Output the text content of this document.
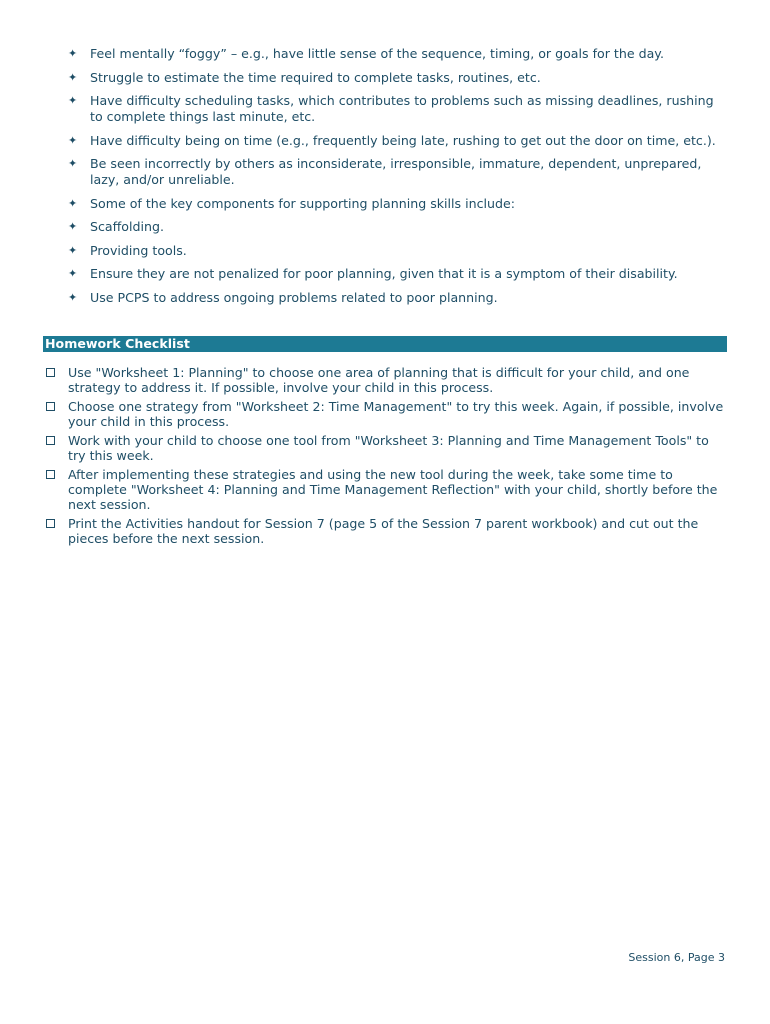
✦ Feel mentally “foggy” – e.g., have little sense of the sequence, timing, or goals for the day.
✦ Struggle to estimate the time required to complete tasks, routines, etc.
✦ Have difficulty scheduling tasks, which contributes to problems such as missing deadlines, rushing to complete things last minute, etc.
✦ Have difficulty being on time (e.g., frequently being late, rushing to get out the door on time, etc.).
✦ Be seen incorrectly by others as inconsiderate, irresponsible, immature, dependent, unprepared, lazy, and/or unreliable.
✦ Some of the key components for supporting planning skills include:
✦ Scaffolding.
✦ Providing tools.
✦ Ensure they are not penalized for poor planning, given that it is a symptom of their disability.
✦ Use PCPS to address ongoing problems related to poor planning.
Homework Checklist
Use "Worksheet 1: Planning" to choose one area of planning that is difficult for your child, and one strategy to address it. If possible, involve your child in this process.
Choose one strategy from "Worksheet 2: Time Management" to try this week. Again, if possible, involve your child in this process.
Work with your child to choose one tool from "Worksheet 3: Planning and Time Management Tools" to try this week.
After implementing these strategies and using the new tool during the week, take some time to complete "Worksheet 4: Planning and Time Management Reflection" with your child, shortly before the next session.
Print the Activities handout for Session 7 (page 5 of the Session 7 parent workbook) and cut out the pieces before the next session.
Session 6, Page 3
